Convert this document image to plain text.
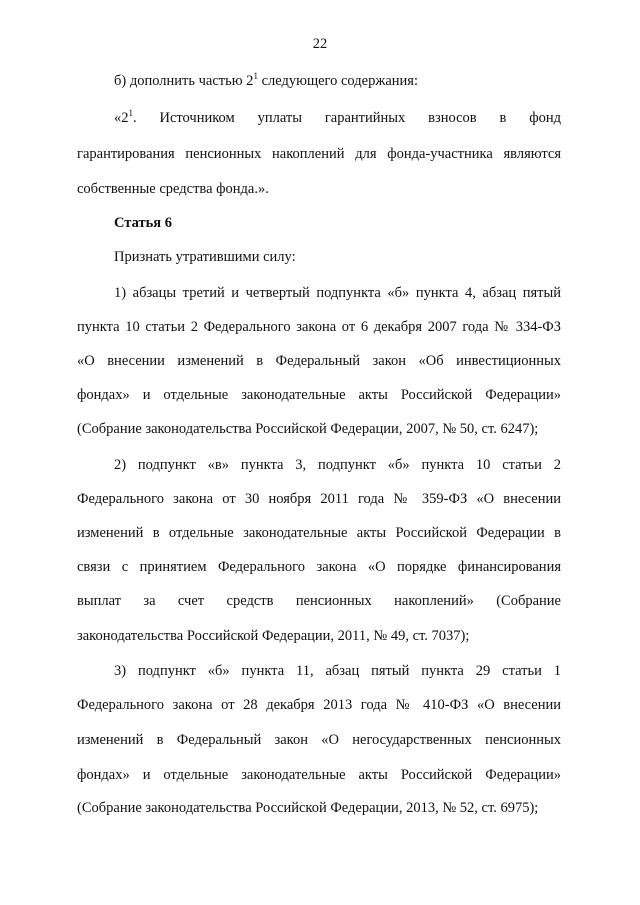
22
б) дополнить частью $2^1$ следующего содержания:
«$2^1$. Источником уплаты гарантийных взносов в фонд
гарантирования пенсионных накоплений для фонда-участника являются
собственные средства фонда.».
Статья 6
Признать утратившими силу:
1) абзацы третий и четвертый подпункта «б» пункта 4, абзац пятый
пункта 10 статьи 2 Федерального закона от 6 декабря 2007 года № 334-ФЗ
«О внесении изменений в Федеральный закон «Об инвестиционных
фондах» и отдельные законодательные акты Российской Федерации»
(Собрание законодательства Российской Федерации, 2007, № 50, ст. 6247);
2) подпункт «в» пункта 3, подпункт «б» пункта 10 статьи 2
Федерального закона от 30 ноября 2011 года № 359-ФЗ «О внесении
изменений в отдельные законодательные акты Российской Федерации в
связи с принятием Федерального закона «О порядке финансирования
выплат за счет средств пенсионных накоплений» (Собрание
законодательства Российской Федерации, 2011, № 49, ст. 7037);
3) подпункт «б» пункта 11, абзац пятый пункта 29 статьи 1
Федерального закона от 28 декабря 2013 года № 410-ФЗ «О внесении
изменений в Федеральный закон «О негосударственных пенсионных
фондах» и отдельные законодательные акты Российской Федерации»
(Собрание законодательства Российской Федерации, 2013, № 52, ст. 6975);
